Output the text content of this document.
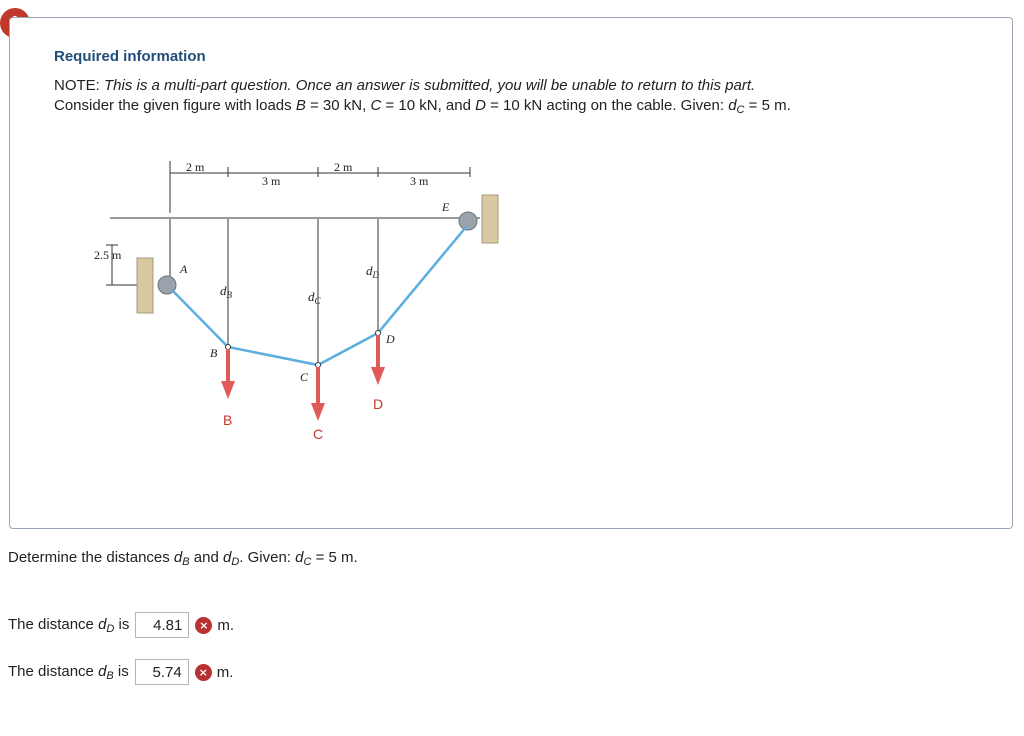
Required information
NOTE: This is a multi-part question. Once an answer is submitted, you will be unable to return to this part.
Consider the given figure with loads B = 30 kN, C = 10 kN, and D = 10 kN acting on the cable. Given: $d_C = 5$ m.
2 m
3 m
2 m
3 m
2.5 m
A
B
C
D
E
$d_B$	$d_C$
$d_D$
B
C
D
Determine the distances $d_B$ and $d_D$. Given: $d_C = 5$ m.
The distance $d_D$ is
4.81	× m.
The distance $d_B$ is
5.74	× m.
